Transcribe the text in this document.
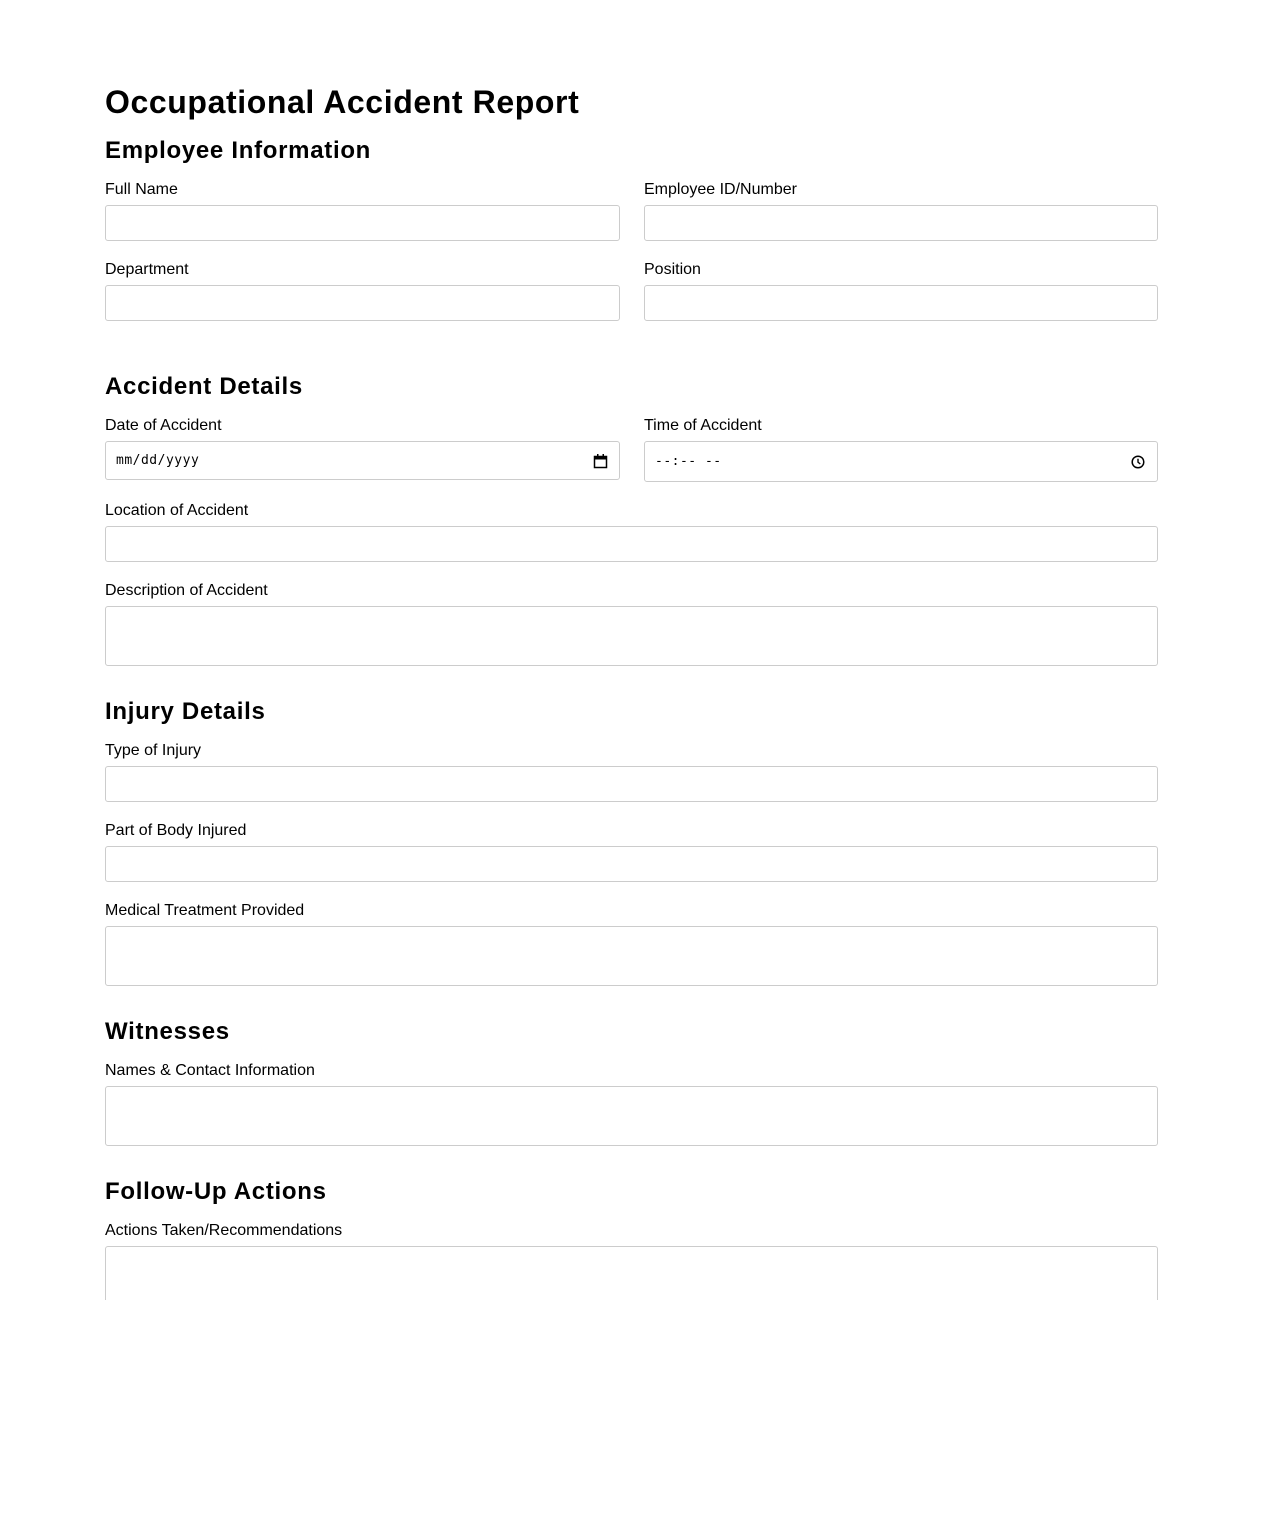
Occupational Accident Report
Employee Information
Full Name	Employee ID/Number
Department	Position
Accident Details
Date of Accident
mm/dd/yyyy
Time of Accident
--:-- --
Location of Accident
Description of Accident
Injury Details
Type of Injury
Part of Body Injured
Medical Treatment Provided
Witnesses
Names & Contact Information
Follow-Up Actions
Actions Taken/Recommendations
